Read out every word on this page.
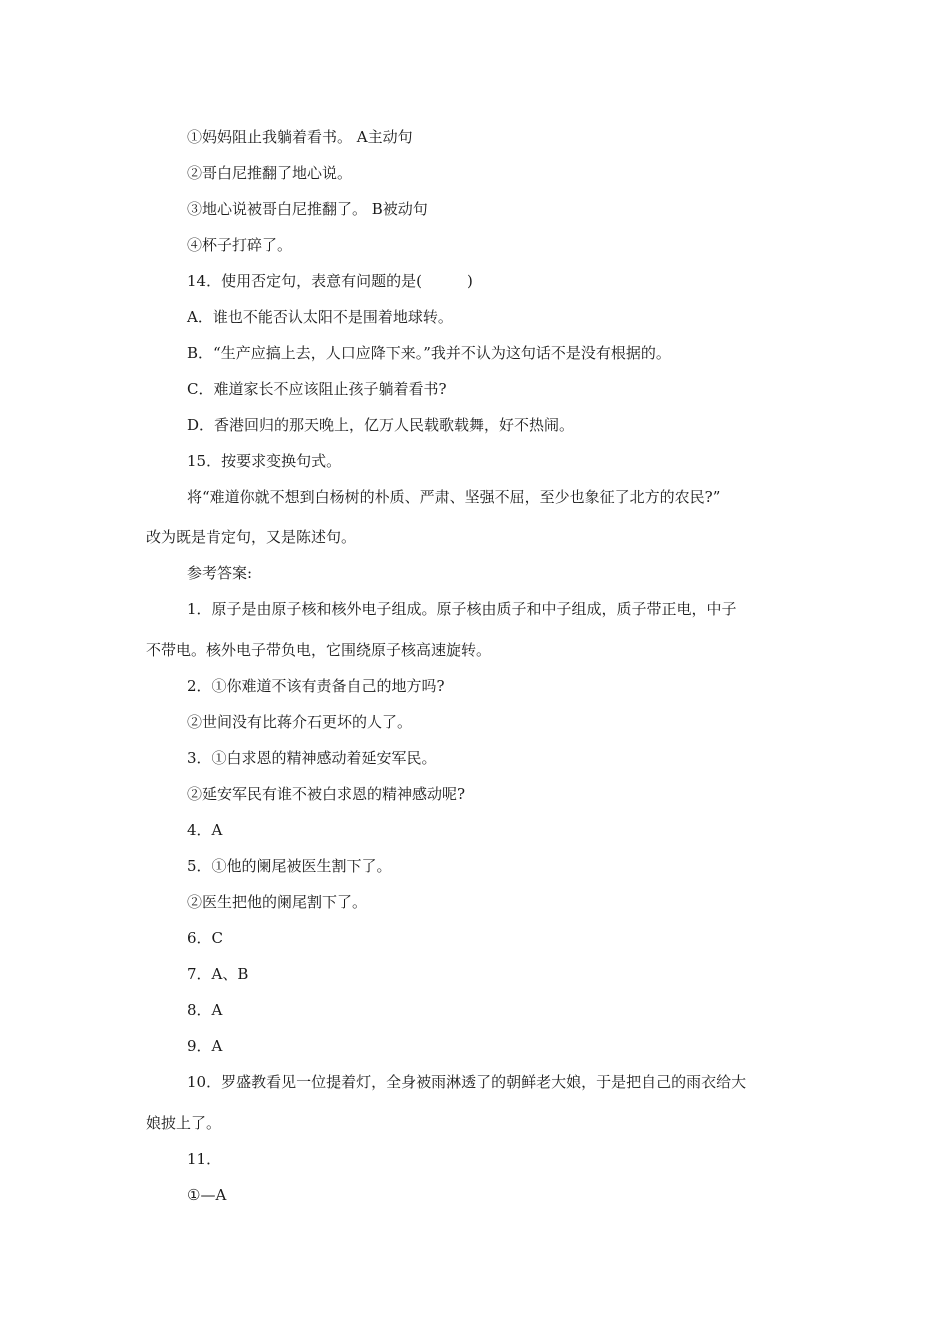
①妈妈阻止我躺着看书。 A主动句
②哥白尼推翻了地心说。
③地心说被哥白尼推翻了。 B被动句
④杯子打碎了。
14．使用否定句，表意有问题的是(　　　)
A．谁也不能否认太阳不是围着地球转。
B．“生产应搞上去，人口应降下来。”我并不认为这句话不是没有根据的。
C．难道家长不应该阻止孩子躺着看书?
D．香港回归的那天晚上，亿万人民载歌载舞，好不热闹。
15．按要求变换句式。
将“难道你就不想到白杨树的朴质、严肃、坚强不屈，至少也象征了北方的农民?”
改为既是肯定句，又是陈述句。
参考答案:
1．原子是由原子核和核外电子组成。原子核由质子和中子组成，质子带正电，中子
不带电。核外电子带负电，它围绕原子核高速旋转。
2．①你难道不该有责备自己的地方吗?
②世间没有比蒋介石更坏的人了。
3．①白求恩的精神感动着延安军民。
②延安军民有谁不被白求恩的精神感动呢?
4．A
5．①他的阑尾被医生割下了。
②医生把他的阑尾割下了。
6．C
7．A、B
8．A
9．A
10．罗盛教看见一位提着灯，全身被雨淋透了的朝鲜老大娘，于是把自己的雨衣给大
娘披上了。
11．
①—A
